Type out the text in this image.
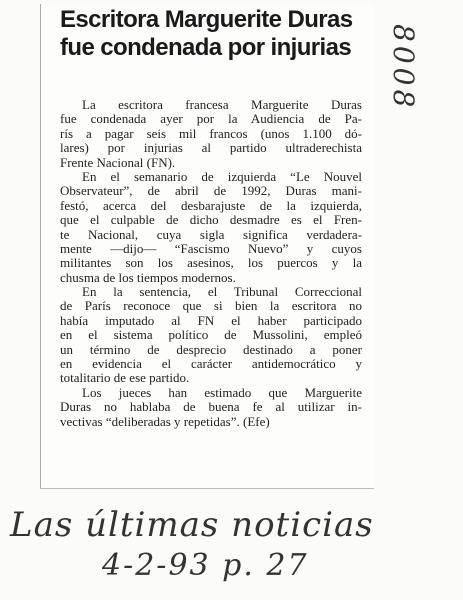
Escritora Marguerite Duras
fue condenada por injurias
La escritora francesa Marguerite Duras
fue condenada ayer por la Audiencia de Pa-
rís a pagar seis mil francos (unos 1.100 dó-
lares) por injurias al partido ultraderechista
Frente Nacional (FN).
En el semanario de izquierda “Le Nouvel
Observateur”, de abril de 1992, Duras mani-
festó, acerca del desbarajuste de la izquierda,
que el culpable de dicho desmadre es el Fren-
te Nacional, cuya sigla significa verdadera-
mente —dijo— “Fascismo Nuevo” y cuyos
militantes son los asesinos, los puercos y la
chusma de los tiempos modernos.
En la sentencia, el Tribunal Correccional
de París reconoce que si bien la escritora no
había imputado al FN el haber participado
en el sistema político de Mussolini, empleó
un término de desprecio destinado a poner
en evidencia el carácter antidemocrático y
totalitario de ese partido.
Los jueces han estimado que Marguerite
Duras no hablaba de buena fe al utilizar in-
vectivas “deliberadas y repetidas”. (Efe)
8008
Las últimas noticias
4-2-93 p. 27
